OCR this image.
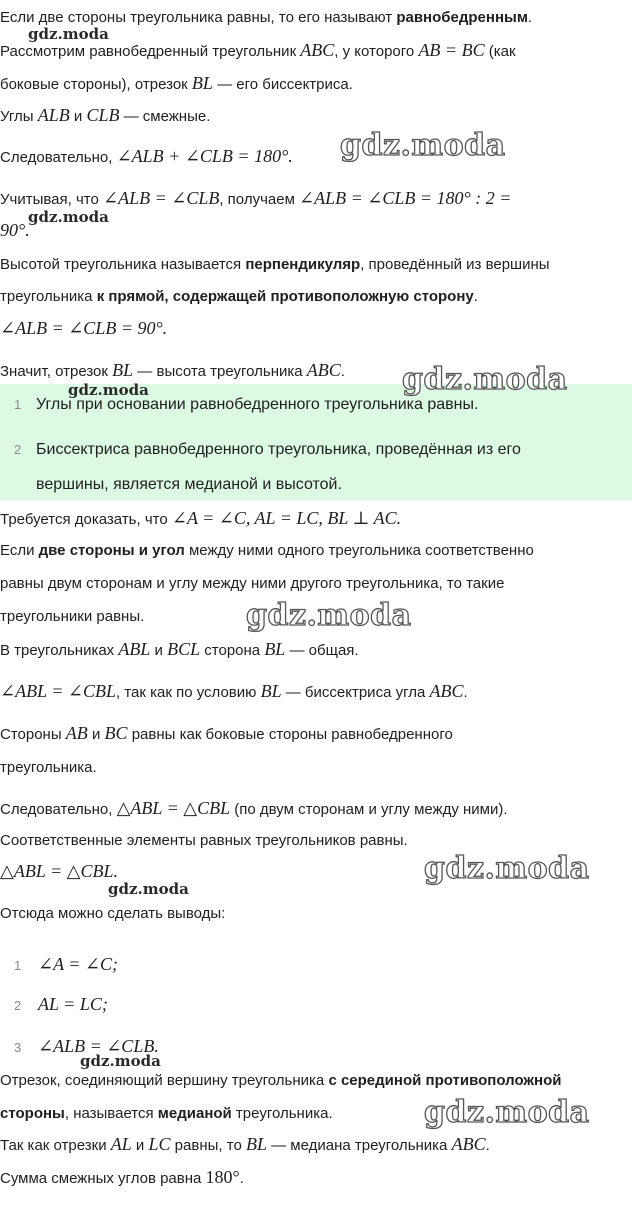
Если две стороны треугольника равны, то его называют равнобедренным.
Рассмотрим равнобедренный треугольник ABC, у которого AB = BC (как
боковые стороны), отрезок BL — его биссектриса.
Углы ALB и CLB — смежные.
Следовательно, ∠ALB + ∠CLB = 180°.
Учитывая, что ∠ALB = ∠CLB, получаем ∠ALB = ∠CLB = 180° : 2 =
90°.
Высотой треугольника называется перпендикуляр, проведённый из вершины
треугольника к прямой, содержащей противоположную сторону.
∠ALB = ∠CLB = 90°.
Значит, отрезок BL — высота треугольника ABC.
1 Углы при основании равнобедренного треугольника равны.
2 Биссектриса равнобедренного треугольника, проведённая из его
вершины, является медианой и высотой.
Требуется доказать, что ∠A = ∠C, AL = LC, BL ⊥ AC.
Если две стороны и угол между ними одного треугольника соответственно
равны двум сторонам и углу между ними другого треугольника, то такие
треугольники равны.
В треугольниках ABL и BCL сторона BL — общая.
∠ABL = ∠CBL, так как по условию BL — биссектриса угла ABC.
Стороны AB и BC равны как боковые стороны равнобедренного
треугольника.
Следовательно, △ABL = △CBL (по двум сторонам и углу между ними).
Соответственные элементы равных треугольников равны.
△ABL = △CBL.
Отсюда можно сделать выводы:
1 ∠A = ∠C;
2 AL = LC;
3 ∠ALB = ∠CLB.
Отрезок, соединяющий вершину треугольника с серединой противоположной
стороны, называется медианой треугольника.
Так как отрезки AL и LC равны, то BL — медиана треугольника ABC.
Сумма смежных углов равна 180°.
gdz.moda
gdz.moda
gdz.moda
gdz.moda
gdz.moda
gdz.moda
gdz.moda
gdz.moda
gdz.moda
gdz.moda
